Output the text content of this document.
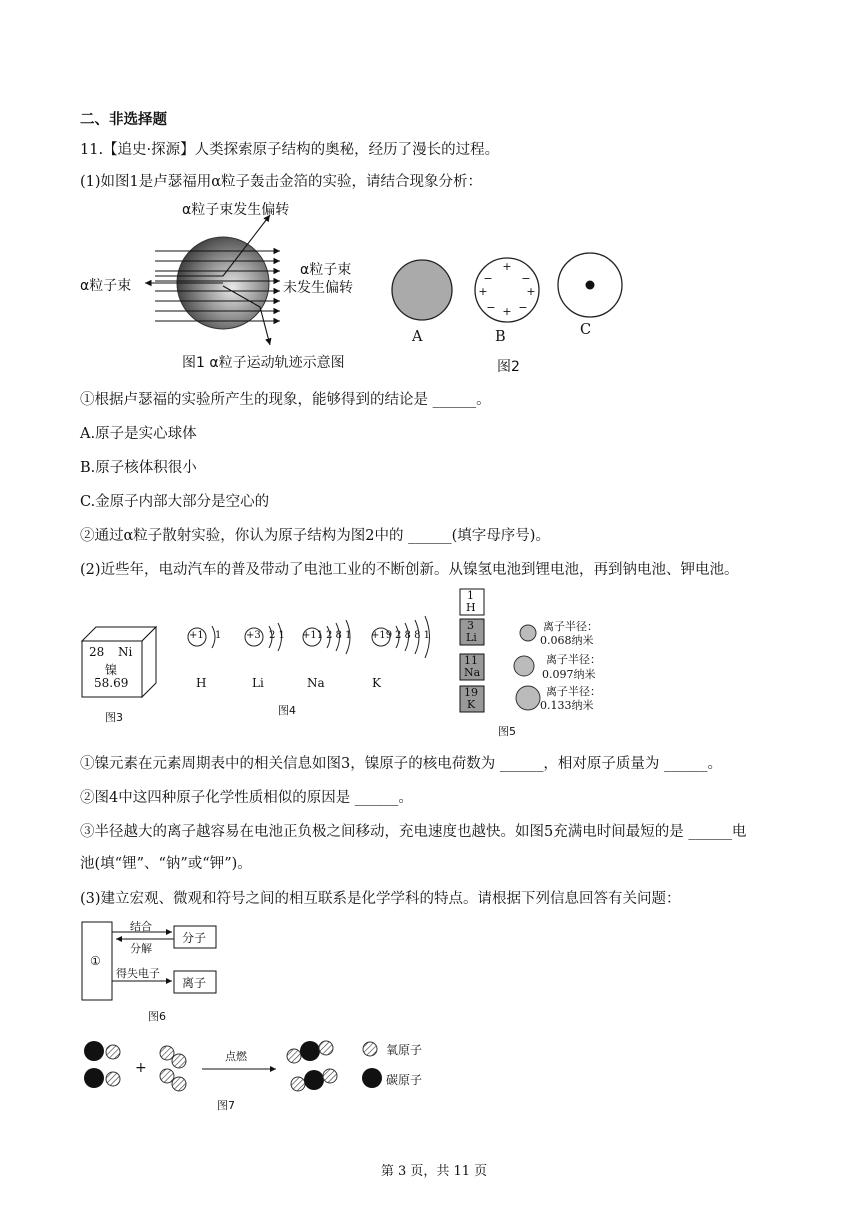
二、非选择题
11.【追史·探源】人类探索原子结构的奥秘，经历了漫长的过程。
(1)如图1是卢瑟福用α粒子轰击金箔的实验，请结合现象分析：
α粒子束发生偏转
α粒子束
α粒子束
未发生偏转
图1 α粒子运动轨迹示意图
+
−	−
+	+
− −
+
A	B	C
图2
①根据卢瑟福的实验所产生的现象，能够得到的结论是 ______。
A.原子是实心球体
B.原子核体积很小
C.金原子内部大部分是空心的
②通过α粒子散射实验，你认为原子结构为图2中的 ______(填字母序号)。
(2)近些年，电动汽车的普及带动了电池工业的不断创新。从镍氢电池到锂电池，再到钠电池、钾电池。
28 Ni
镍
58.69
图3
+1 1 +3 2 1 +11 2 8 1 +19 2 8 8 1
H	Li	Na	K
图4
1
H
3
Li
11
Na
19
K
离子半径：
0.068纳米
离子半径：
0.097纳米
离子半径：
0.133纳米
图5
①镍元素在元素周期表中的相关信息如图3，镍原子的核电荷数为 ______，相对原子质量为 ______。
②图4中这四种原子化学性质相似的原因是 ______。
③半径越大的离子越容易在电池正负极之间移动，充电速度也越快。如图5充满电时间最短的是 ______电
池(填“锂”、“钠”或“钾”)。
(3)建立宏观、微观和符号之间的相互联系是化学学科的特点。请根据下列信息回答有关问题：
①
结合
分解
分子
得失电子
离子
图6
+
点燃	氧原子
碳原子
图7
第 3 页，共 11 页
